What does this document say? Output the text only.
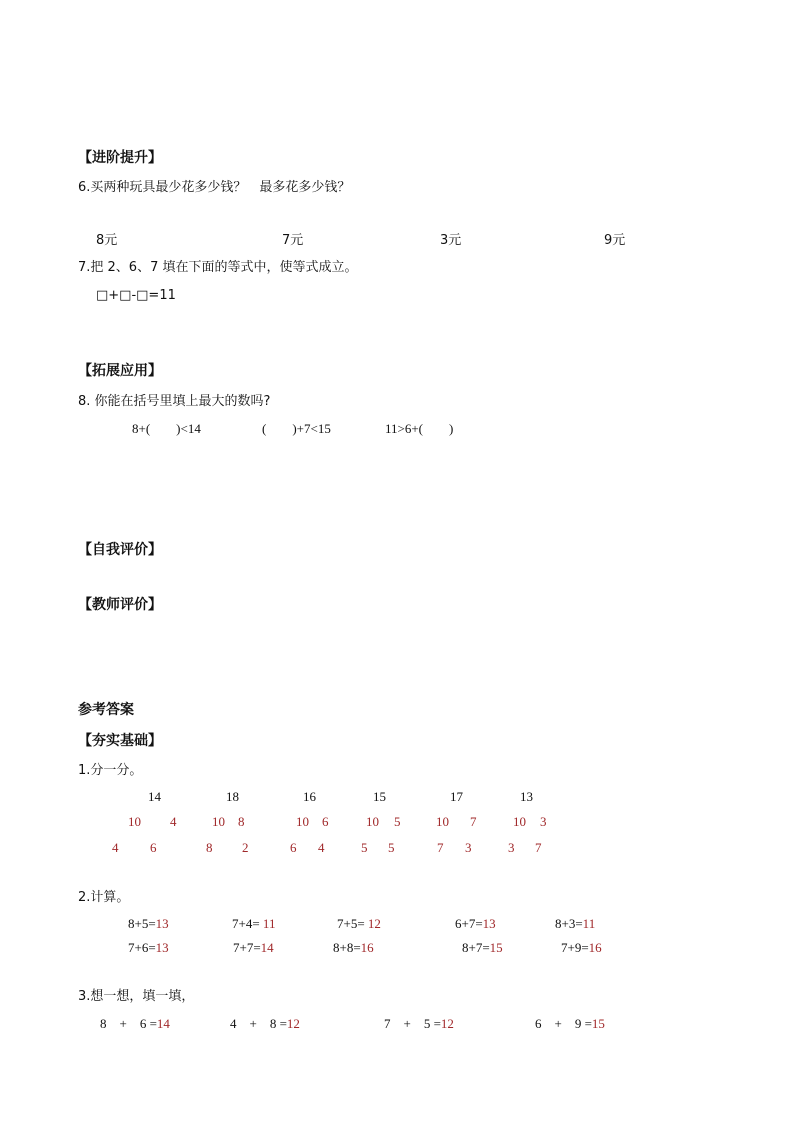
【进阶提升】
6.买两种玩具最少花多少钱？　最多花多少钱？
8元	7元	3元	9元
7.把 2、6、7 填在下面的等式中，使等式成立。
□+□-□=11
【拓展应用】
8. 你能在括号里填上最大的数吗?
8+(　　)<14	(　　)+7<15	11>6+(　　)
【自我评价】
【教师评价】
参考答案
【夯实基础】
1.分一分。
14	18	16	15	17	13
10 4	10 8	10 6	10 5	10 7	10 3
4 6	8 2	6 4	5 5	7 3	3 7
2.计算。
8+5=13	7+4= 11	7+5= 12	6+7=13	8+3=11
7+6=13	7+7=14	8+8=16	8+7=15	7+9=16
3.想一想，填一填，
8　+　6 =14	4　+　8 =12	7　+　5 =12	6　+　9 =15
